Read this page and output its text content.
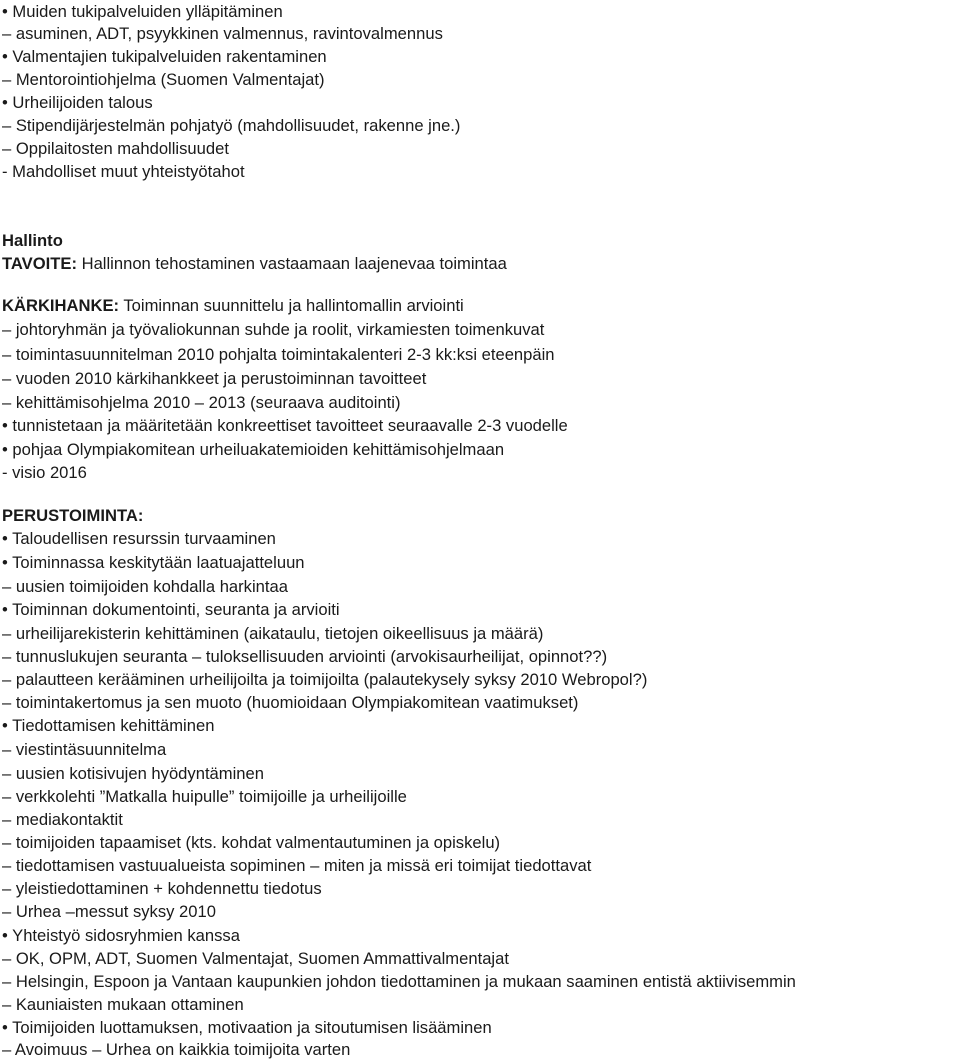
• Muiden tukipalveluiden ylläpitäminen
– asuminen, ADT, psyykkinen valmennus, ravintovalmennus
• Valmentajien tukipalveluiden rakentaminen
– Mentorointiohjelma (Suomen Valmentajat)
• Urheilijoiden talous
– Stipendijärjestelmän pohjatyö (mahdollisuudet, rakenne jne.)
– Oppilaitosten mahdollisuudet
- Mahdolliset muut yhteistyötahot
Hallinto
TAVOITE: Hallinnon tehostaminen vastaamaan laajenevaa toimintaa
KÄRKIHANKE: Toiminnan suunnittelu ja hallintomallin arviointi
– johtoryhmän ja työvaliokunnan suhde ja roolit, virkamiesten toimenkuvat
– toimintasuunnitelman 2010 pohjalta toimintakalenteri 2-3 kk:ksi eteenpäin
– vuoden 2010 kärkihankkeet ja perustoiminnan tavoitteet
– kehittämisohjelma 2010 – 2013 (seuraava auditointi)
• tunnistetaan ja määritetään konkreettiset tavoitteet seuraavalle 2-3 vuodelle
• pohjaa Olympiakomitean urheiluakatemioiden kehittämisohjelmaan
- visio 2016
PERUSTOIMINTA:
• Taloudellisen resurssin turvaaminen
• Toiminnassa keskitytään laatuajatteluun
– uusien toimijoiden kohdalla harkintaa
• Toiminnan dokumentointi, seuranta ja arvioiti
– urheilijarekisterin kehittäminen (aikataulu, tietojen oikeellisuus ja määrä)
– tunnuslukujen seuranta – tuloksellisuuden arviointi (arvokisaurheilijat, opinnot??)
– palautteen kerääminen urheilijoilta ja toimijoilta (palautekysely syksy 2010 Webropol?)
– toimintakertomus ja sen muoto (huomioidaan Olympiakomitean vaatimukset)
• Tiedottamisen kehittäminen
– viestintäsuunnitelma
– uusien kotisivujen hyödyntäminen
– verkkolehti ”Matkalla huipulle” toimijoille ja urheilijoille
– mediakontaktit
– toimijoiden tapaamiset (kts. kohdat valmentautuminen ja opiskelu)
– tiedottamisen vastuualueista sopiminen – miten ja missä eri toimijat tiedottavat
– yleistiedottaminen + kohdennettu tiedotus
– Urhea –messut syksy 2010
• Yhteistyö sidosryhmien kanssa
– OK, OPM, ADT, Suomen Valmentajat, Suomen Ammattivalmentajat
– Helsingin, Espoon ja Vantaan kaupunkien johdon tiedottaminen ja mukaan saaminen entistä aktiivisemmin
– Kauniaisten mukaan ottaminen
• Toimijoiden luottamuksen, motivaation ja sitoutumisen lisääminen
– Avoimuus – Urhea on kaikkia toimijoita varten
